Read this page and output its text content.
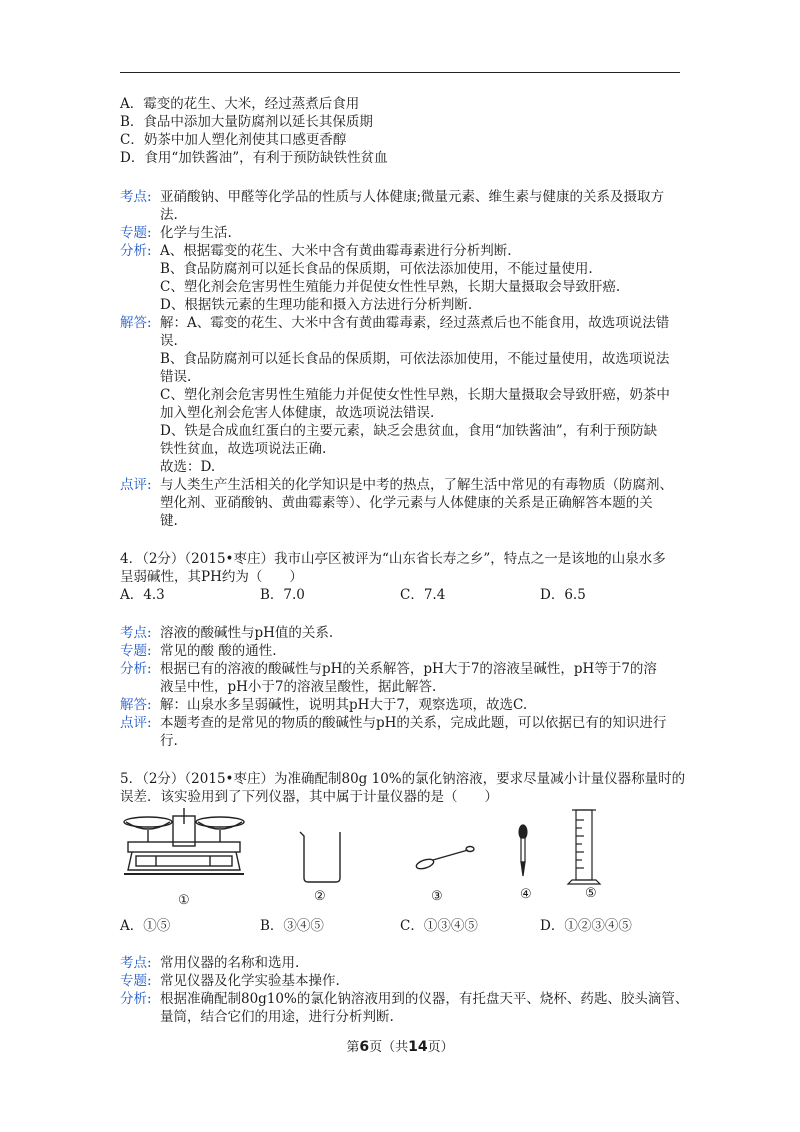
A．霉变的花生、大米，经过蒸煮后食用
B．食品中添加大量防腐剂以延长其保质期
C．奶茶中加人塑化剂使其口感更香醇
D．食用“加铁酱油”，有利于预防缺铁性贫血
考点: 亚硝酸钠、甲醛等化学品的性质与人体健康;微量元素、维生素与健康的关系及摄取方
法.
专题: 化学与生活.
分析: A、根据霉变的花生、大米中含有黄曲霉毒素进行分析判断.
B、食品防腐剂可以延长食品的保质期，可依法添加使用，不能过量使用.
C、塑化剂会危害男性生殖能力并促使女性性早熟，长期大量摄取会导致肝癌.
D、根据铁元素的生理功能和摄入方法进行分析判断.
解答: 解：A、霉变的花生、大米中含有黄曲霉毒素，经过蒸煮后也不能食用，故选项说法错
误.
B、食品防腐剂可以延长食品的保质期，可依法添加使用，不能过量使用，故选项说法
错误.
C、塑化剂会危害男性生殖能力并促使女性性早熟，长期大量摄取会导致肝癌，奶茶中
加入塑化剂会危害人体健康，故选项说法错误.
D、铁是合成血红蛋白的主要元素，缺乏会患贫血，食用“加铁酱油”，有利于预防缺
铁性贫血，故选项说法正确.
故选：D.
点评: 与人类生产生活相关的化学知识是中考的热点，了解生活中常见的有毒物质（防腐剂、
塑化剂、亚硝酸钠、黄曲霉素等）、化学元素与人体健康的关系是正确解答本题的关
键.
4．（2分）（2015•枣庄）我市山亭区被评为“山东省长寿之乡”，特点之一是该地的山泉水多
呈弱碱性，其PH约为（　　）
A．4.3	B．7.0	C．7.4	D．6.5
考点: 溶液的酸碱性与pH值的关系.
专题: 常见的酸 酸的通性.
分析: 根据已有的溶液的酸碱性与pH的关系解答，pH大于7的溶液呈碱性，pH等于7的溶
液呈中性，pH小于7的溶液呈酸性，据此解答.
解答: 解：山泉水多呈弱碱性，说明其pH大于7，观察选项，故选C.
点评: 本题考查的是常见的物质的酸碱性与pH的关系，完成此题，可以依据已有的知识进行
行.
5．（2分）（2015•枣庄）为准确配制80g 10%的氯化钠溶液，要求尽量减小计量仪器称量时的
误差．该实验用到了下列仪器，其中属于计量仪器的是（　　）
①	②	③	④	⑤
A．①⑤	B．③④⑤	C．①③④⑤	D．①②③④⑤
考点: 常用仪器的名称和选用.
专题: 常见仪器及化学实验基本操作.
分析: 根据准确配制80g10%的氯化钠溶液用到的仪器，有托盘天平、烧杯、药匙、胶头滴管、
量筒，结合它们的用途，进行分析判断.
第6页（共14页）
